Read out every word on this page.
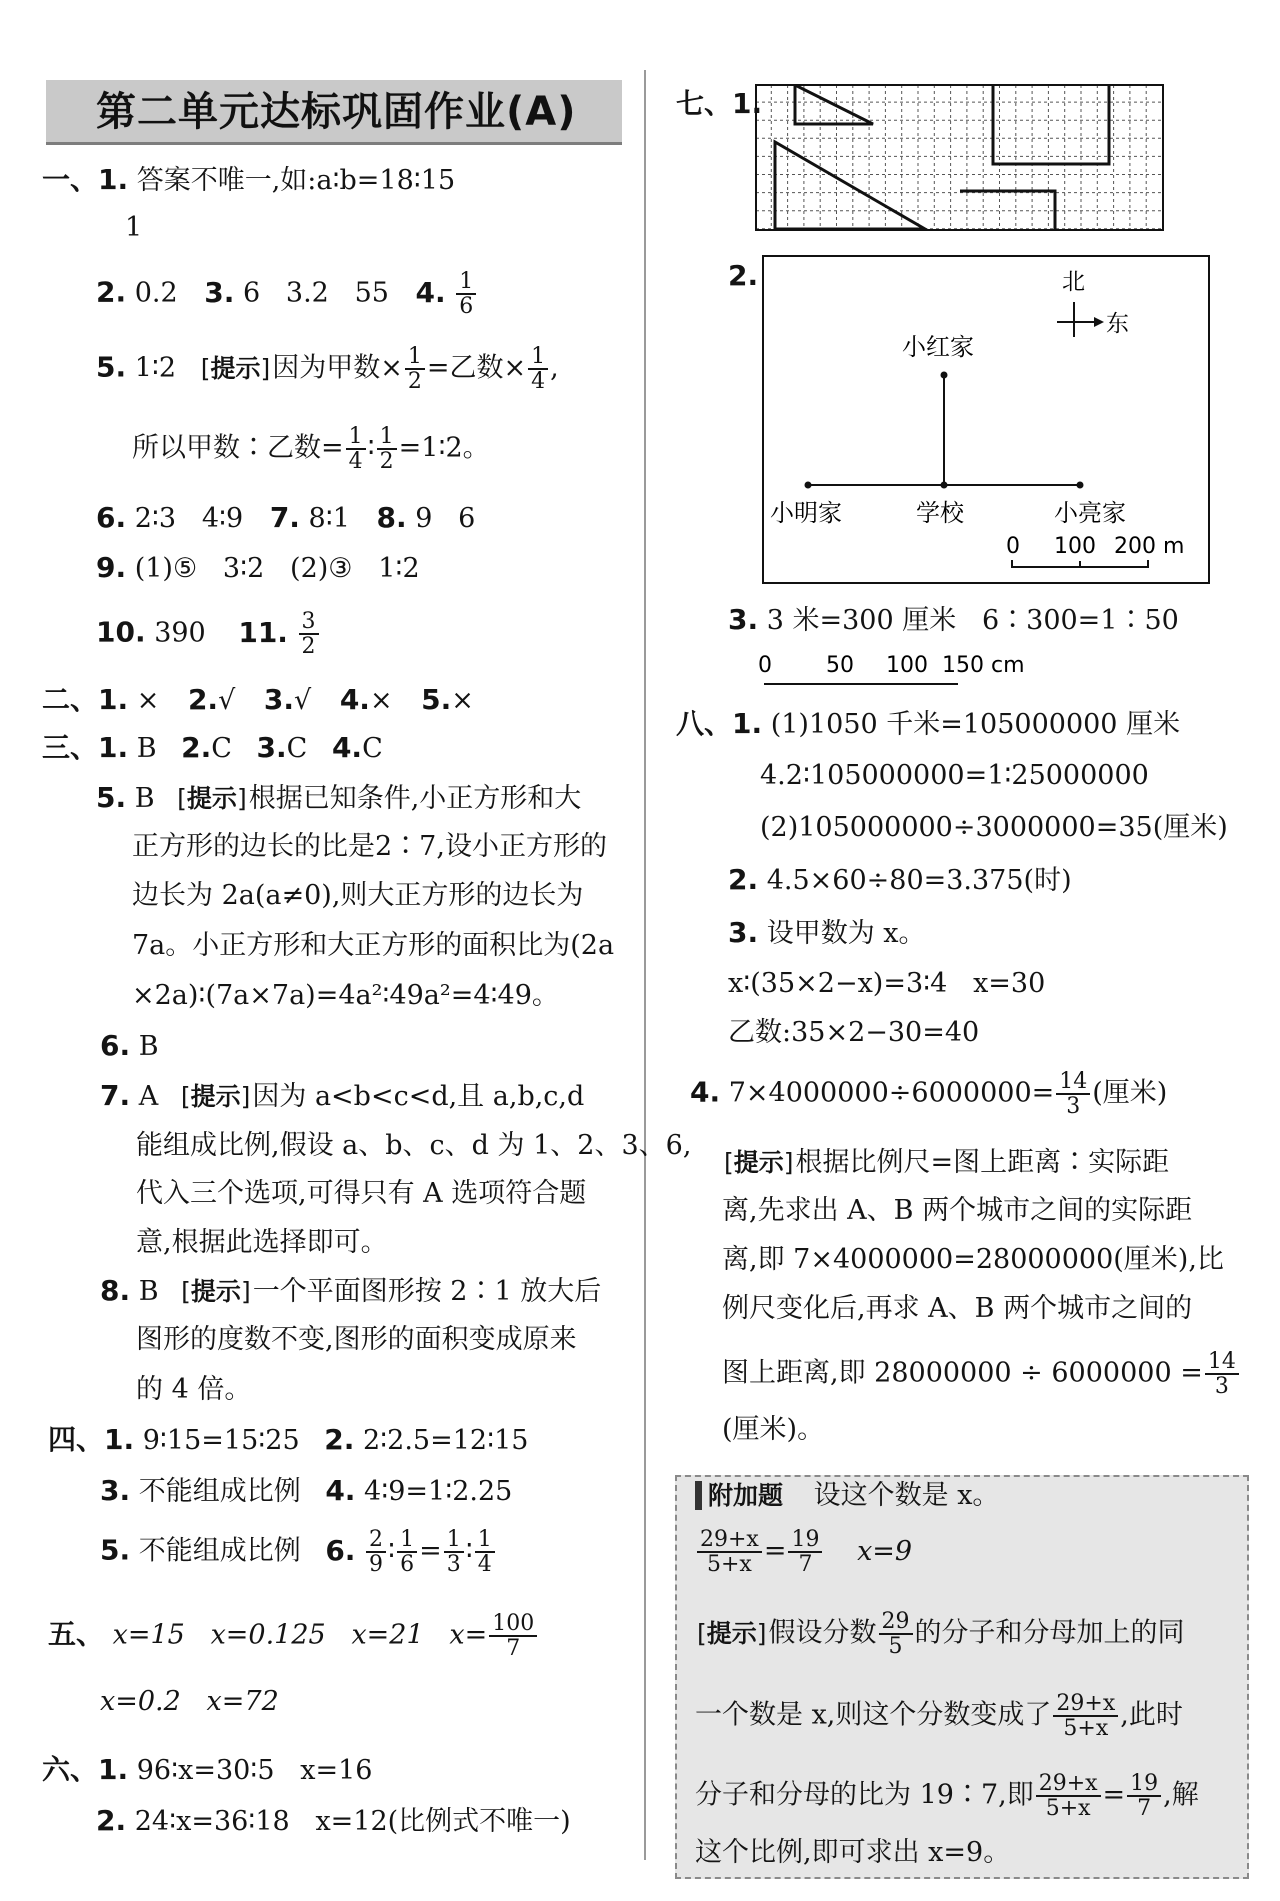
第二单元达标巩固作业(A)
一、1. 答案不唯一,如:a∶b=18∶15
1
2. 0.2 3. 6   3.2   55 4. $\frac{1}{6}$
5. 1∶2 [ 提示 ] 因为甲数× $\frac{1}{2}$ =乙数× $\frac{1}{4}$ ,
所以甲数∶乙数= $\frac{1}{4}$ ∶ $\frac{1}{2}$ =1∶2。
6. 2∶3   4∶9 7. 8∶1 8. 9   6
9. (1)⑤   3∶2   (2)③   1∶2
10. 390 11. $\frac{3}{2}$
二、1. × 2.√ 3.√ 4.× 5.×
三、1. B 2.C 3.C 4.C
5. B [ 提示 ] 根据已知条件,小正方形和大
正方形的边长的比是2∶7,设小正方形的
边长为 2a(a≠0),则大正方形的边长为
7a。小正方形和大正方形的面积比为(2a
×2a)∶(7a×7a)=4a²∶49a²=4∶49。
6. B
7. A [ 提示 ] 因为 a<b<c<d,且 a,b,c,d
能组成比例,假设 a、b、c、d 为 1、2、3、6,
代入三个选项,可得只有 A 选项符合题
意,根据此选择即可。
8. B [ 提示 ] 一个平面图形按 2∶1 放大后
图形的度数不变,图形的面积变成原来
的 4 倍。
四、1. 9∶15=15∶25 2. 2∶2.5=12∶15
3. 不能组成比例 4. 4∶9=1∶2.25
5. 不能组成比例 6. $\frac{2}{9}$ ∶ $\frac{1}{6} = \frac{1}{3}$ ∶ $\frac{1}{4}$
五、 x=15   x=0.125   x=21   $x= \frac{100}{7}$
x=0.2   x=72
六、1. 96∶x=30∶5   x=16
2. 24∶x=36∶18   x=12(比例式不唯一)
七、1.
2.	北
东
小红家
小明家	学校	小亮家
0 100 200 m
3. 3 米=300 厘米   6∶300=1∶50
0 50 100 150 cm
八、1. (1)1050 千米=105000000 厘米
4.2∶105000000=1∶25000000
(2)105000000÷3000000=35(厘米)
2. 4.5×60÷80=3.375(时)
3. 设甲数为 x。
x∶(35×2−x)=3∶4   x=30
乙数:35×2−30=40
4. $7\times 4000000\div 6000000= \frac{14}{3}$ (厘米)
[ 提示 ] 根据比例尺=图上距离∶实际距
离,先求出 A、B 两个城市之间的实际距
离,即 7×4000000=28000000(厘米),比
例尺变化后,再求 A、B 两个城市之间的
图上距离,即 $28000000 \div 6000000 = \frac{14}{3}$
(厘米)。
附加题 设这个数是 x。
$\frac{29+x}{5+x} = \frac{19}{7} x=9$
[ 提示 ] 假设分数 $\frac{29}{5}$ 的分子和分母加上的同
一个数是 x,则这个分数变成了 $\frac{29+x}{5+x}$ ,此时
分子和分母的比为 19∶7,即 $\frac{29+x}{5+x} = \frac{19}{7}$ ,解
这个比例,即可求出 x=9。
